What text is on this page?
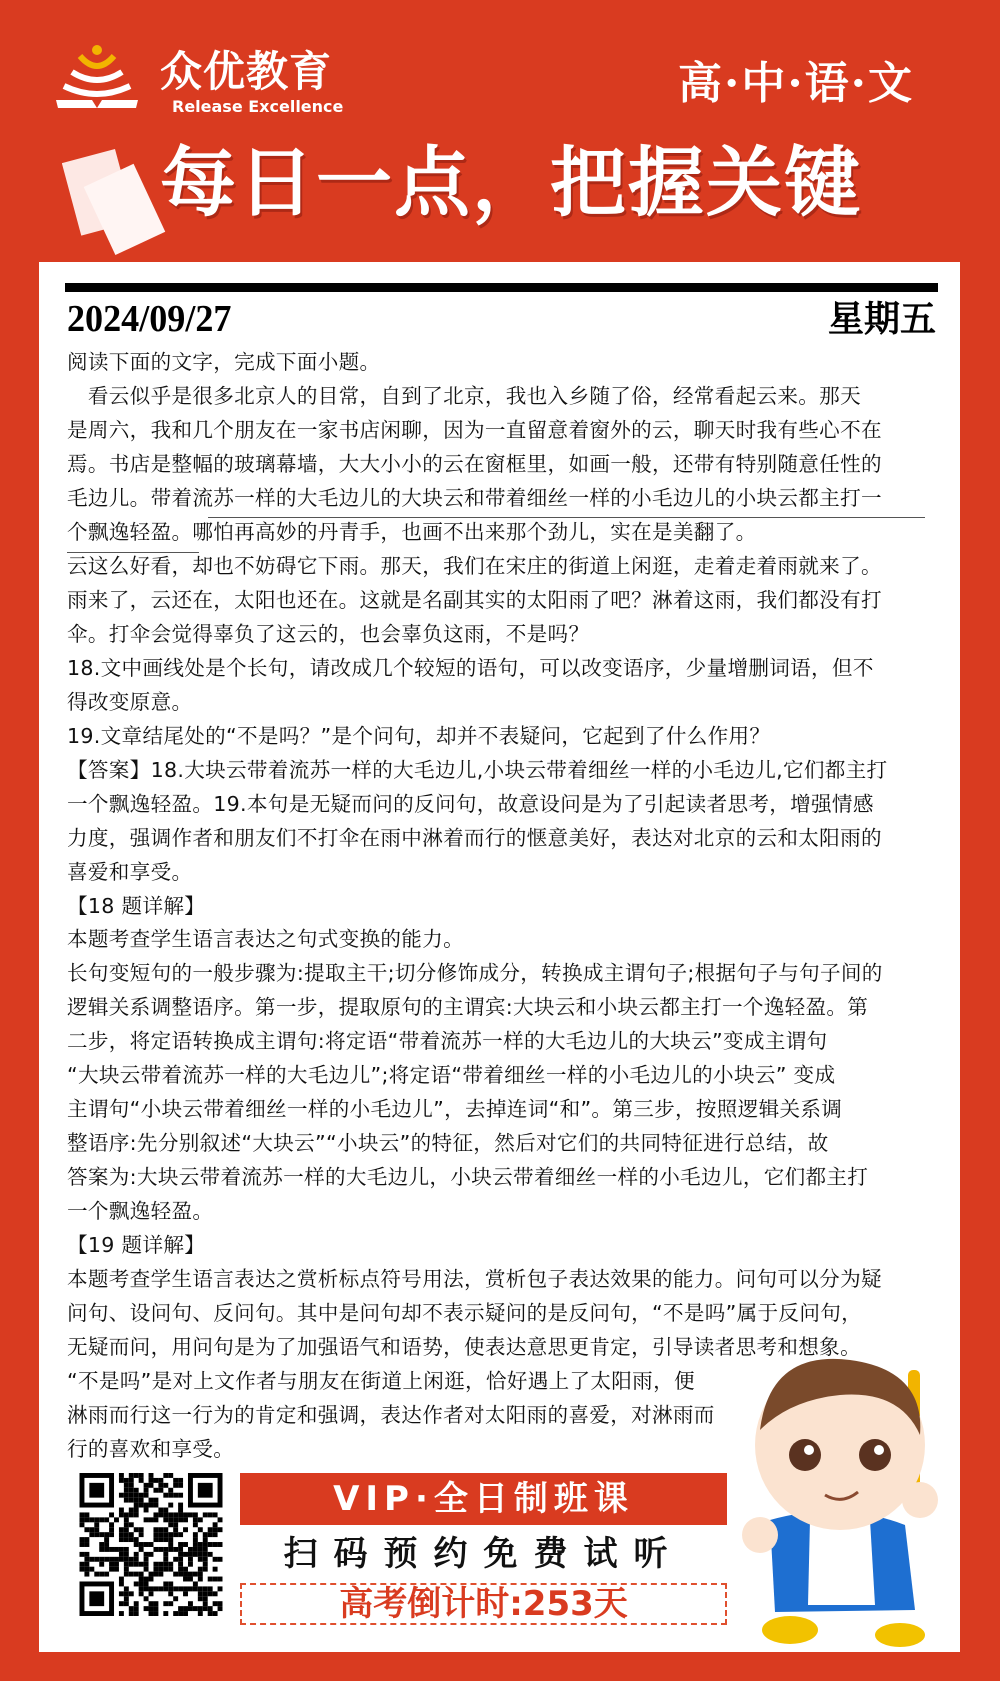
众优教育
Release Excellence	高·中·语·文
每日一点，把握关键
2024/09/27	星期五
阅读下面的文字，完成下面小题。
　看云似乎是很多北京人的目常，自到了北京，我也入乡随了俗，经常看起云来。那天
是周六，我和几个朋友在一家书店闲聊，因为一直留意着窗外的云，聊天时我有些心不在
焉。书店是整幅的玻璃幕墙，大大小小的云在窗框里，如画一般，还带有特别随意任性的
毛边儿。带着流苏一样的大毛边儿的大块云和带着细丝一样的小毛边儿的小块云都主打一
个飘逸轻盈。哪怕再高妙的丹青手，也画不出来那个劲儿，实在是美翻了。
云这么好看，却也不妨碍它下雨。那天，我们在宋庄的街道上闲逛，走着走着雨就来了。
雨来了，云还在，太阳也还在。这就是名副其实的太阳雨了吧？淋着这雨，我们都没有打
伞。打伞会觉得辜负了这云的，也会辜负这雨，不是吗？
18.文中画线处是个长句，请改成几个较短的语句，可以改变语序，少量增删词语，但不
得改变原意。
19.文章结尾处的“不是吗？”是个问句，却并不表疑问，它起到了什么作用？
【答案】18.大块云带着流苏一样的大毛边儿,小块云带着细丝一样的小毛边儿,它们都主打
一个飘逸轻盈。19.本句是无疑而问的反问句，故意设问是为了引起读者思考，增强情感
力度，强调作者和朋友们不打伞在雨中淋着而行的惬意美好，表达对北京的云和太阳雨的
喜爱和享受。
【18 题详解】
本题考查学生语言表达之句式变换的能力。
长句变短句的一般步骤为:提取主干;切分修饰成分，转换成主谓句子;根据句子与句子间的
逻辑关系调整语序。第一步，提取原句的主谓宾:大块云和小块云都主打一个逸轻盈。第
二步，将定语转换成主谓句:将定语“带着流苏一样的大毛边儿的大块云”变成主谓句
“大块云带着流苏一样的大毛边儿”;将定语“带着细丝一样的小毛边儿的小块云” 变成
主谓句“小块云带着细丝一样的小毛边儿”，去掉连词“和”。第三步，按照逻辑关系调
整语序:先分别叙述“大块云”“小块云”的特征，然后对它们的共同特征进行总结，故
答案为:大块云带着流苏一样的大毛边儿，小块云带着细丝一样的小毛边儿，它们都主打
一个飘逸轻盈。
【19 题详解】
本题考查学生语言表达之赏析标点符号用法，赏析包子表达效果的能力。问句可以分为疑
问句、设问句、反问句。其中是问句却不表示疑问的是反问句，“不是吗”属于反问句，
无疑而问，用问句是为了加强语气和语势，使表达意思更肯定，引导读者思考和想象。
“不是吗”是对上文作者与朋友在街道上闲逛，恰好遇上了太阳雨，便
淋雨而行这一行为的肯定和强调，表达作者对太阳雨的喜爱，对淋雨而
行的喜欢和享受。
VIP·全日制班课
扫码预约免费试听
高考倒计时:253天
